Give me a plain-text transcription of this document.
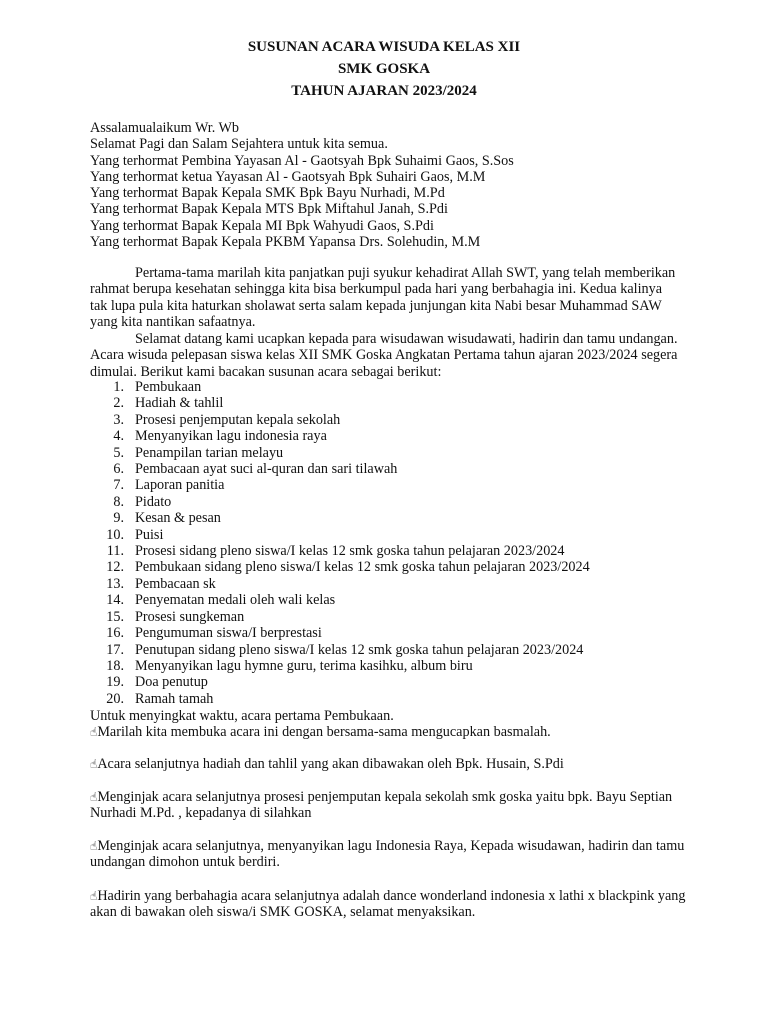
SUSUNAN ACARA WISUDA KELAS XII
SMK GOSKA
TAHUN AJARAN 2023/2024
Assalamualaikum Wr. Wb
Selamat Pagi dan Salam Sejahtera untuk kita semua.
Yang terhormat Pembina Yayasan Al - Gaotsyah Bpk Suhaimi Gaos, S.Sos
Yang terhormat ketua Yayasan Al - Gaotsyah Bpk Suhairi Gaos, M.M
Yang terhormat Bapak Kepala SMK Bpk Bayu Nurhadi, M.Pd
Yang terhormat Bapak Kepala MTS Bpk Miftahul Janah, S.Pdi
Yang terhormat Bapak Kepala MI Bpk Wahyudi Gaos, S.Pdi
Yang terhormat Bapak Kepala PKBM Yapansa Drs. Solehudin, M.M
Pertama-tama marilah kita panjatkan puji syukur kehadirat Allah SWT, yang telah memberikan rahmat berupa kesehatan sehingga kita bisa berkumpul pada hari yang berbahagia ini. Kedua kalinya tak lupa pula kita haturkan sholawat serta salam kepada junjungan kita Nabi besar Muhammad SAW yang kita nantikan safaatnya.
Selamat datang kami ucapkan kepada para wisudawan wisudawati, hadirin dan tamu undangan. Acara wisuda pelepasan siswa kelas XII SMK Goska Angkatan Pertama tahun ajaran 2023/2024 segera dimulai. Berikut kami bacakan susunan acara sebagai berikut:
1. Pembukaan
2. Hadiah & tahlil
3. Prosesi penjemputan kepala sekolah
4. Menyanyikan lagu indonesia raya
5. Penampilan tarian melayu
6. Pembacaan ayat suci al-quran dan sari tilawah
7. Laporan panitia
8. Pidato
9. Kesan & pesan
10. Puisi
11. Prosesi sidang pleno siswa/I kelas 12 smk goska tahun pelajaran 2023/2024
12. Pembukaan sidang pleno siswa/I kelas 12 smk goska tahun pelajaran 2023/2024
13. Pembacaan sk
14. Penyematan medali oleh wali kelas
15. Prosesi sungkeman
16. Pengumuman siswa/I berprestasi
17. Penutupan sidang pleno siswa/I kelas 12 smk goska tahun pelajaran 2023/2024
18. Menyanyikan lagu hymne guru, terima kasihku, album biru
19. Doa penutup
20. Ramah tamah
Untuk menyingkat waktu, acara pertama Pembukaan.
☝Marilah kita membuka acara ini dengan bersama-sama mengucapkan basmalah.
☝Acara selanjutnya hadiah dan tahlil yang akan dibawakan oleh Bpk. Husain, S.Pdi
☝Menginjak acara selanjutnya prosesi penjemputan kepala sekolah smk goska yaitu bpk. Bayu Septian Nurhadi M.Pd. , kepadanya di silahkan
☝Menginjak acara selanjutnya, menyanyikan lagu Indonesia Raya, Kepada wisudawan, hadirin dan tamu undangan dimohon untuk berdiri.
☝Hadirin yang berbahagia acara selanjutnya adalah dance wonderland indonesia x lathi x blackpink yang akan di bawakan oleh siswa/i SMK GOSKA, selamat menyaksikan.
